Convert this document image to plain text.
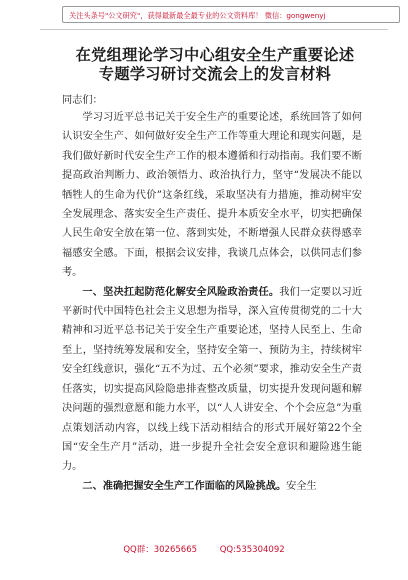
关注头条号"公文研究"，获得最新最全最专业的公文资料库！ 微信：gongwenyj
在党组理论学习中心组安全生产重要论述
专题学习研讨交流会上的发言材料
同志们：

学习习近平总书记关于安全生产的重要论述，系统回答了如何认识安全生产、如何做好安全生产工作等重大理论和现实问题，是我们做好新时代安全生产工作的根本遵循和行动指南。我们要不断提高政治判断力、政治领悟力、政治执行力，坚守“发展决不能以牺牲人的生命为代价”这条红线，采取坚决有力措施，推动树牢安全发展理念、落实安全生产责任、提升本质安全水平，切实把确保人民生命安全放在第一位、落到实处，不断增强人民群众获得感幸福感安全感。下面，根据会议安排，我谈几点体会，以供同志们参考。

一、坚决扛起防范化解安全风险政治责任。我们一定要以习近平新时代中国特色社会主义思想为指导，深入宣传贯彻党的二十大精神和习近平总书记关于安全生产重要论述，坚持人民至上、生命至上，坚持统筹发展和安全，坚持安全第一、预防为主，持续树牢安全红线意识，强化“五不为过、五个必须”要求，推动安全生产责任落实，切实提高风险隐患排查整改质量，切实提升发现问题和解决问题的强烈意愿和能力水平，以“人人讲安全、个个会应急”为重点策划活动内容，以线上线下活动相结合的形式开展好第22个全国“安全生产月”活动，进一步提升全社会安全意识和避险逃生能力。

二、准确把握安全生产工作面临的风险挑战。安全生

QQ群：30265665	QQ:535304092
